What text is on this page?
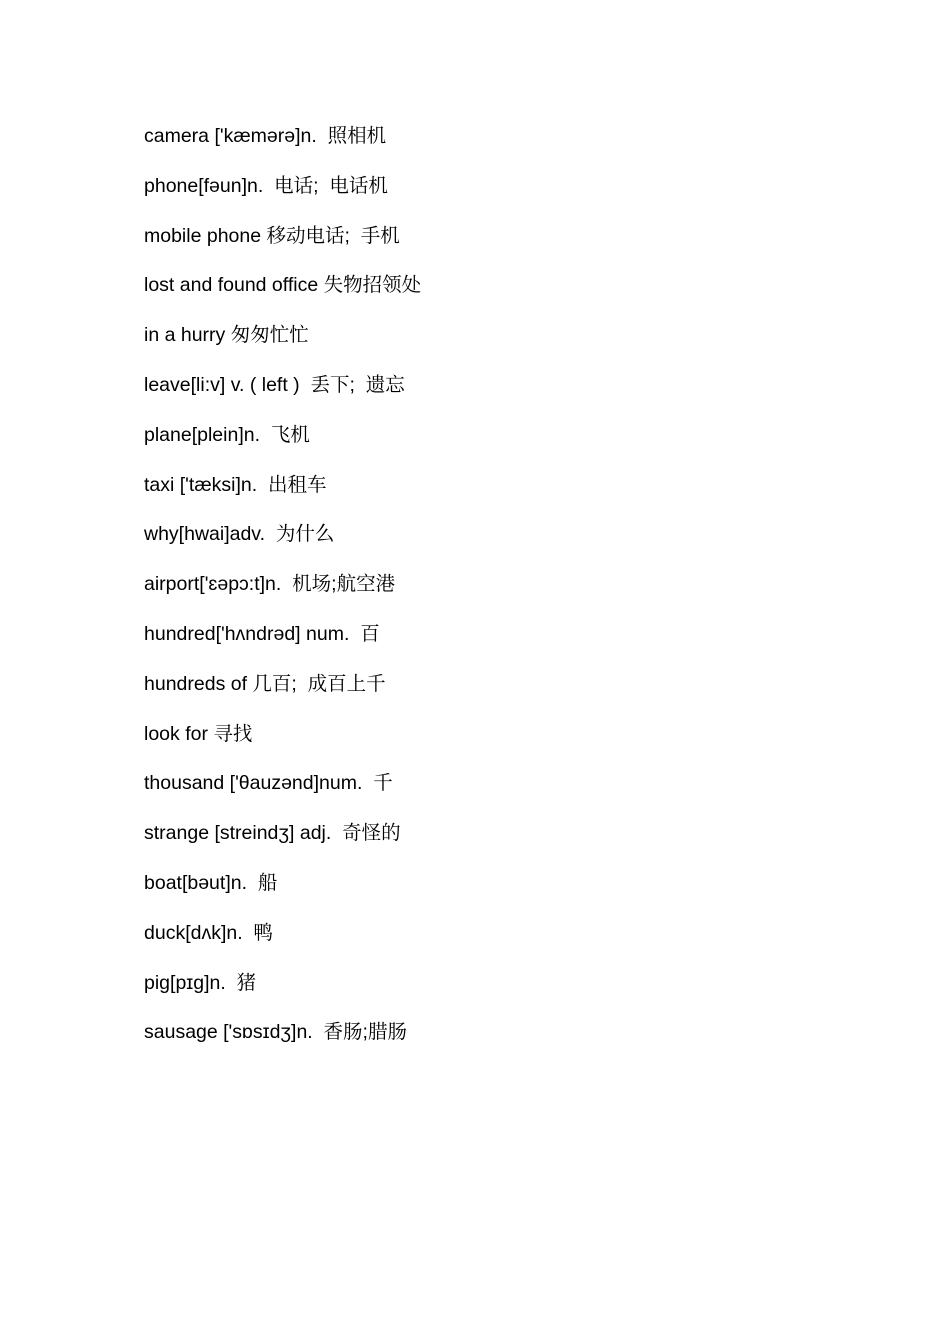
camera ['kæmərə]n.  照相机
phone[fəun]n.  电话;  电话机
mobile phone 移动电话;  手机
lost and found office 失物招领处
in a hurry 匆匆忙忙
leave[li:v] v. ( left )  丢下;  遗忘
plane[plein]n.  飞机
taxi ['tæksi]n.  出租车
why[hwai]adv.  为什么
airport['ɛəpɔ:t]n.  机场;航空港
hundred['hʌndrəd] num.  百
hundreds of 几百;  成百上千
look for 寻找
thousand ['θauzənd]num.  千
strange [streindʒ] adj.  奇怪的
boat[bəut]n.  船
duck[dʌk]n.  鸭
pig[pɪg]n.  猪
sausage ['sɒsɪdʒ]n.  香肠;腊肠
